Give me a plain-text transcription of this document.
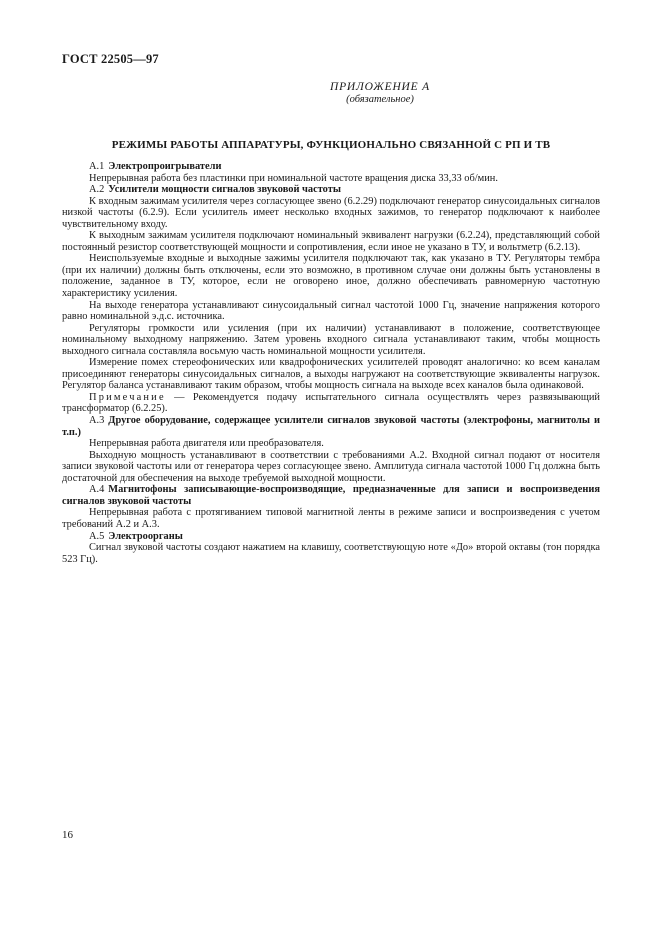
ГОСТ 22505—97
ПРИЛОЖЕНИЕ А
(обязательное)
РЕЖИМЫ РАБОТЫ АППАРАТУРЫ, ФУНКЦИОНАЛЬНО СВЯЗАННОЙ С РП И ТВ

А.1 Электропроигрыватели

Непрерывная работа без пластинки при номинальной частоте вращения диска 33,33 об/мин.

А.2 Усилители мощности сигналов звуковой частоты

К входным зажимам усилителя через согласующее звено (6.2.29) подключают генератор синусоидальных сигналов низкой частоты (6.2.9). Если усилитель имеет несколько входных зажимов, то генератор подключают к наиболее чувствительному входу.

К выходным зажимам усилителя подключают номинальный эквивалент нагрузки (6.2.24), представляющий собой постоянный резистор соответствующей мощности и сопротивления, если иное не указано в ТУ, и вольтметр (6.2.13).

Неиспользуемые входные и выходные зажимы усилителя подключают так, как указано в ТУ. Регуляторы тембра (при их наличии) должны быть отключены, если это возможно, в противном случае они должны быть установлены в положение, заданное в ТУ, которое, если не оговорено иное, должно обеспечивать равномерную частотную характеристику усиления.

На выходе генератора устанавливают синусоидальный сигнал частотой 1000 Гц, значение напряжения которого равно номинальной э.д.с. источника.

Регуляторы громкости или усиления (при их наличии) устанавливают в положение, соответствующее номинальному выходному напряжению. Затем уровень входного сигнала устанавливают таким, чтобы мощность выходного сигнала составляла восьмую часть номинальной мощности усилителя.

Измерение помех стереофонических или квадрофонических усилителей проводят аналогично: ко всем каналам присоединяют генераторы синусоидальных сигналов, а выходы нагружают на соответствующие эквиваленты нагрузок. Регулятор баланса устанавливают таким образом, чтобы мощность сигнала на выходе всех каналов была одинаковой.

Примечание — Рекомендуется подачу испытательного сигнала осуществлять через развязывающий трансформатор (6.2.25).

А.3 Другое оборудование, содержащее усилители сигналов звуковой частоты (электрофоны, магнитолы и т.п.)

Непрерывная работа двигателя или преобразователя.

Выходную мощность устанавливают в соответствии с требованиями А.2. Входной сигнал подают от носителя записи звуковой частоты или от генератора через согласующее звено. Амплитуда сигнала частотой 1000 Гц должна быть достаточной для обеспечения на выходе требуемой выходной мощности.

А.4 Магнитофоны записывающие-воспроизводящие, предназначенные для записи и воспроизведения сигналов звуковой частоты

Непрерывная работа с протягиванием типовой магнитной ленты в режиме записи и воспроизведения с учетом требований А.2 и А.3.

А.5 Электроорганы

Сигнал звуковой частоты создают нажатием на клавишу, соответствующую ноте «До» второй октавы (тон порядка 523 Гц).

16
